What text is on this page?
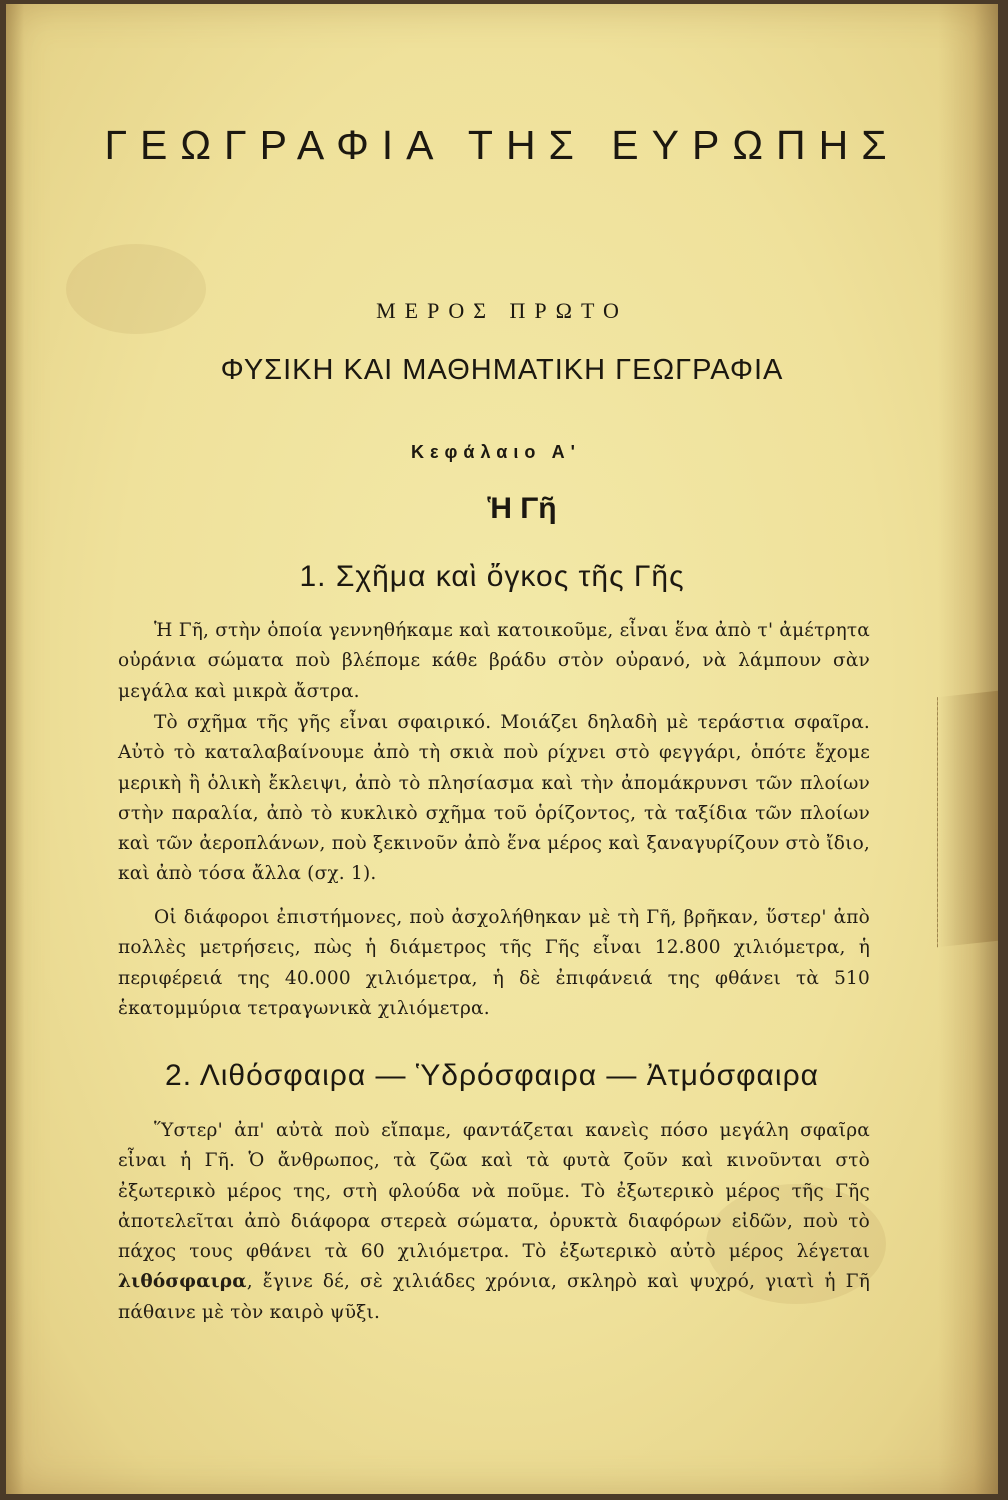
ΓΕΩΓΡΑΦΙΑ ΤΗΣ ΕΥΡΩΠΗΣ
ΜΕΡΟΣ ΠΡΩΤΟ
ΦΥΣΙΚΗ ΚΑΙ ΜΑΘΗΜΑΤΙΚΗ ΓΕΩΓΡΑΦΙΑ
Κεφάλαιο Α'
Ἡ Γῆ
1. Σχῆμα καὶ ὄγκος τῆς Γῆς

Ἡ Γῆ, στὴν ὁποία γεννηθήκαμε καὶ κατοικοῦμε, εἶναι ἕνα ἀπὸ τ' ἀμέτρητα οὐράνια σώματα ποὺ βλέπομε κάθε βράδυ στὸν οὐρανό, νὰ λάμπουν σὰν μεγάλα καὶ μικρὰ ἄστρα.

Τὸ σχῆμα τῆς γῆς εἶναι σφαιρικό. Μοιάζει δηλαδὴ μὲ τεράστια σφαῖρα. Αὐτὸ τὸ καταλαβαίνουμε ἀπὸ τὴ σκιὰ ποὺ ρίχνει στὸ φεγγάρι, ὁπότε ἔχομε μερικὴ ἢ ὁλικὴ ἔκλειψι, ἀπὸ τὸ πλησίασμα καὶ τὴν ἀπομάκρυνσι τῶν πλοίων στὴν παραλία, ἀπὸ τὸ κυκλικὸ σχῆμα τοῦ ὁρίζοντος, τὰ ταξίδια τῶν πλοίων καὶ τῶν ἀεροπλάνων, ποὺ ξεκινοῦν ἀπὸ ἕνα μέρος καὶ ξαναγυρίζουν στὸ ἴδιο, καὶ ἀπὸ τόσα ἄλλα (σχ. 1).

Οἱ διάφοροι ἐπιστήμονες, ποὺ ἀσχολήθηκαν μὲ τὴ Γῆ, βρῆκαν, ὕστερ' ἀπὸ πολλὲς μετρήσεις, πὼς ἡ διάμετρος τῆς Γῆς εἶναι 12.800 χιλιόμετρα, ἡ περιφέρειά της 40.000 χιλιόμετρα, ἡ δὲ ἐπιφάνειά της φθάνει τὰ 510 ἑκατομμύρια τετραγωνικὰ χιλιόμετρα.

2. Λιθόσφαιρα — Ὑδρόσφαιρα — Ἀτμόσφαιρα

Ὕστερ' ἀπ' αὐτὰ ποὺ εἴπαμε, φαντάζεται κανεὶς πόσο μεγάλη σφαῖρα εἶναι ἡ Γῆ. Ὁ ἄνθρωπος, τὰ ζῶα καὶ τὰ φυτὰ ζοῦν καὶ κινοῦνται στὸ ἐξωτερικὸ μέρος της, στὴ φλούδα νὰ ποῦμε. Τὸ ἐξωτερικὸ μέρος τῆς Γῆς ἀποτελεῖται ἀπὸ διάφορα στερεὰ σώματα, ὀρυκτὰ διαφόρων εἰδῶν, ποὺ τὸ πάχος τους φθάνει τὰ 60 χιλιόμετρα. Τὸ ἐξωτερικὸ αὐτὸ μέρος λέγεται λιθόσφαιρα, ἔγινε δέ, σὲ χιλιάδες χρόνια, σκληρὸ καὶ ψυχρό, γιατὶ ἡ Γῆ πάθαινε μὲ τὸν καιρὸ ψῦξι.
